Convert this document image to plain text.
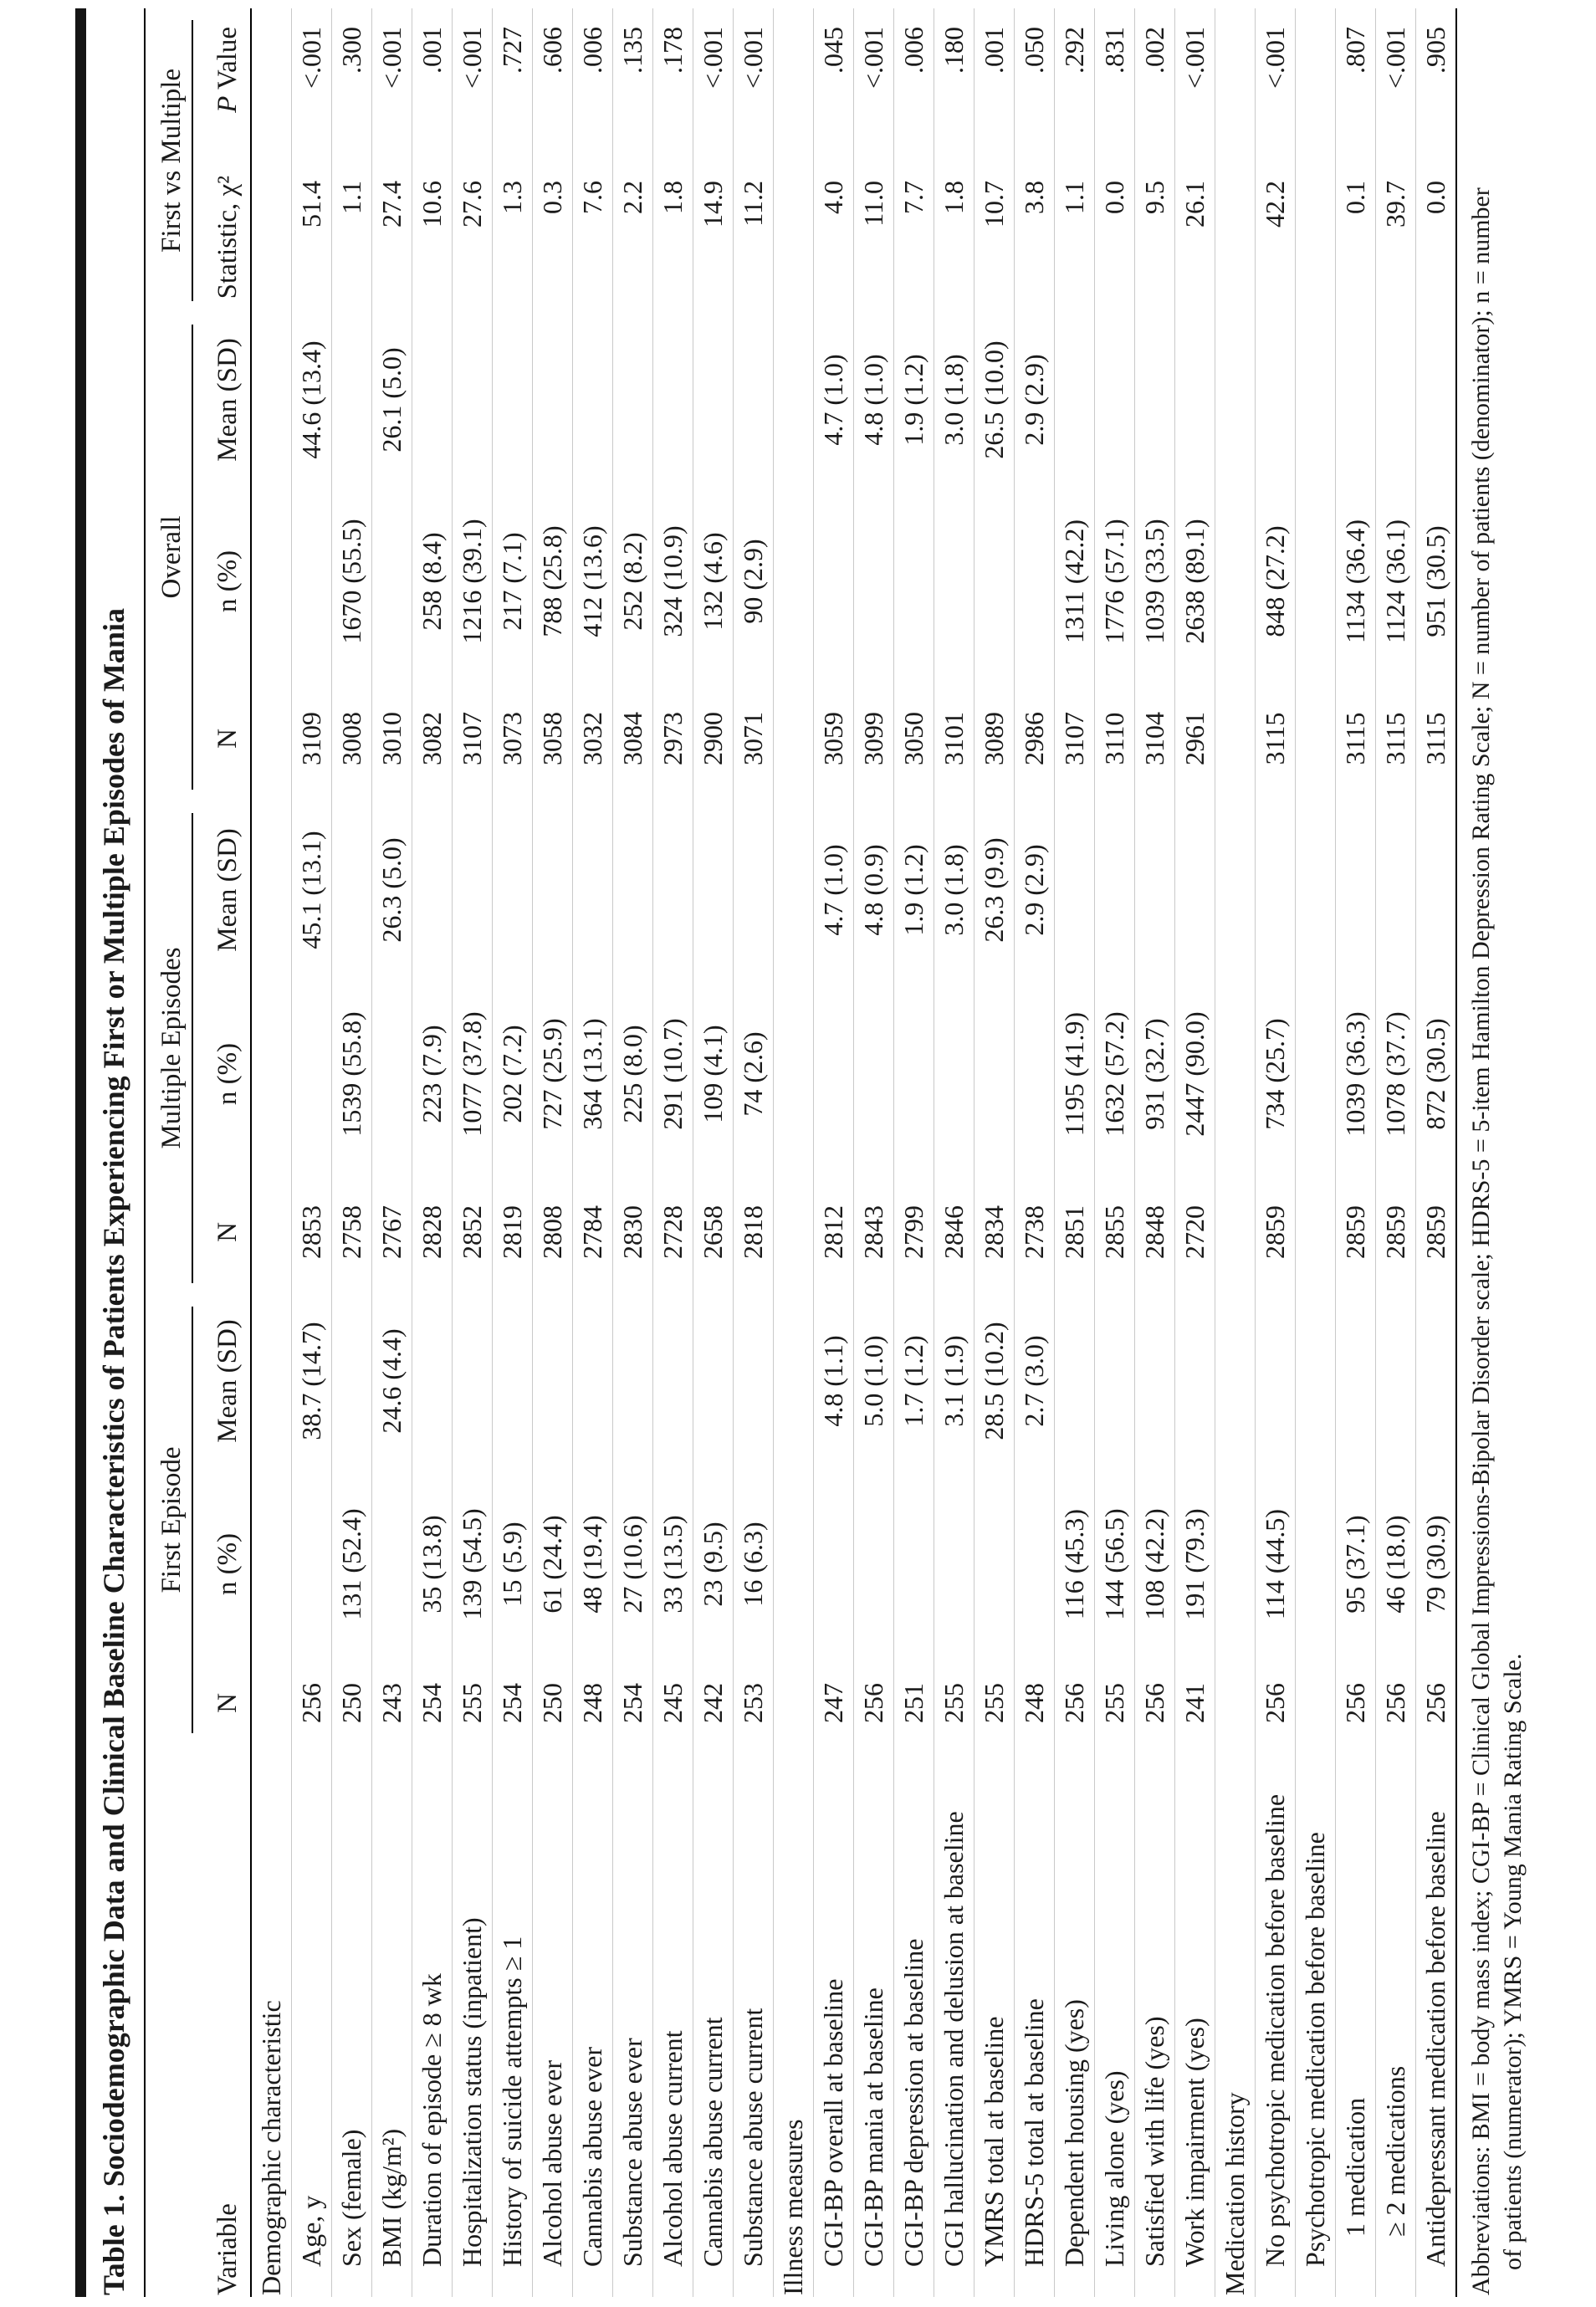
Table 1. Sociodemographic Data and Clinical Baseline Characteristics of Patients Experiencing First or Multiple Episodes of Mania
	First Episode			Multiple Episodes			Overall			First vs Multiple	
Variable	N	n (%)	Mean (SD)	N	n (%)	Mean (SD)	N	n (%)	Mean (SD)	Statistic, χ²	P Value
Demographic characteristic											
Age, y	256		38.7 (14.7)	2853		45.1 (13.1)	3109		44.6 (13.4)	51.4	<.001
Sex (female)	250	131 (52.4)		2758	1539 (55.8)		3008	1670 (55.5)		1.1	.300
BMI (kg/m²)	243		24.6 (4.4)	2767		26.3 (5.0)	3010		26.1 (5.0)	27.4	<.001
Duration of episode ≥ 8 wk	254	35 (13.8)		2828	223 (7.9)		3082	258 (8.4)		10.6	.001
Hospitalization status (inpatient)	255	139 (54.5)		2852	1077 (37.8)		3107	1216 (39.1)		27.6	<.001
History of suicide attempts ≥ 1	254	15 (5.9)		2819	202 (7.2)		3073	217 (7.1)		1.3	.727
Alcohol abuse ever	250	61 (24.4)		2808	727 (25.9)		3058	788 (25.8)		0.3	.606
Cannabis abuse ever	248	48 (19.4)		2784	364 (13.1)		3032	412 (13.6)		7.6	.006
Substance abuse ever	254	27 (10.6)		2830	225 (8.0)		3084	252 (8.2)		2.2	.135
Alcohol abuse current	245	33 (13.5)		2728	291 (10.7)		2973	324 (10.9)		1.8	.178
Cannabis abuse current	242	23 (9.5)		2658	109 (4.1)		2900	132 (4.6)		14.9	<.001
Substance abuse current	253	16 (6.3)		2818	74 (2.6)		3071	90 (2.9)		11.2	<.001
Illness measures											
CGI-BP overall at baseline	247		4.8 (1.1)	2812		4.7 (1.0)	3059		4.7 (1.0)	4.0	.045
CGI-BP mania at baseline	256		5.0 (1.0)	2843		4.8 (0.9)	3099		4.8 (1.0)	11.0	<.001
CGI-BP depression at baseline	251		1.7 (1.2)	2799		1.9 (1.2)	3050		1.9 (1.2)	7.7	.006
CGI hallucination and delusion at baseline	255		3.1 (1.9)	2846		3.0 (1.8)	3101		3.0 (1.8)	1.8	.180
YMRS total at baseline	255		28.5 (10.2)	2834		26.3 (9.9)	3089		26.5 (10.0)	10.7	.001
HDRS-5 total at baseline	248		2.7 (3.0)	2738		2.9 (2.9)	2986		2.9 (2.9)	3.8	.050
Dependent housing (yes)	256	116 (45.3)		2851	1195 (41.9)		3107	1311 (42.2)		1.1	.292
Living alone (yes)	255	144 (56.5)		2855	1632 (57.2)		3110	1776 (57.1)		0.0	.831
Satisfied with life (yes)	256	108 (42.2)		2848	931 (32.7)		3104	1039 (33.5)		9.5	.002
Work impairment (yes)	241	191 (79.3)		2720	2447 (90.0)		2961	2638 (89.1)		26.1	<.001
Medication history											
No psychotropic medication before baseline	256	114 (44.5)		2859	734 (25.7)		3115	848 (27.2)		42.2	<.001
Psychotropic medication before baseline											
1 medication	256	95 (37.1)		2859	1039 (36.3)		3115	1134 (36.4)		0.1	.807
≥ 2 medications	256	46 (18.0)		2859	1078 (37.7)		3115	1124 (36.1)		39.7	<.001
Antidepressant medication before baseline	256	79 (30.9)		2859	872 (30.5)		3115	951 (30.5)		0.0	.905
Abbreviations: BMI = body mass index; CGI-BP = Clinical Global Impressions-Bipolar Disorder scale; HDRS-5 = 5-item Hamilton Depression Rating Scale; N = number of patients (denominator); n = number of patients (numerator); YMRS = Young Mania Rating Scale.
